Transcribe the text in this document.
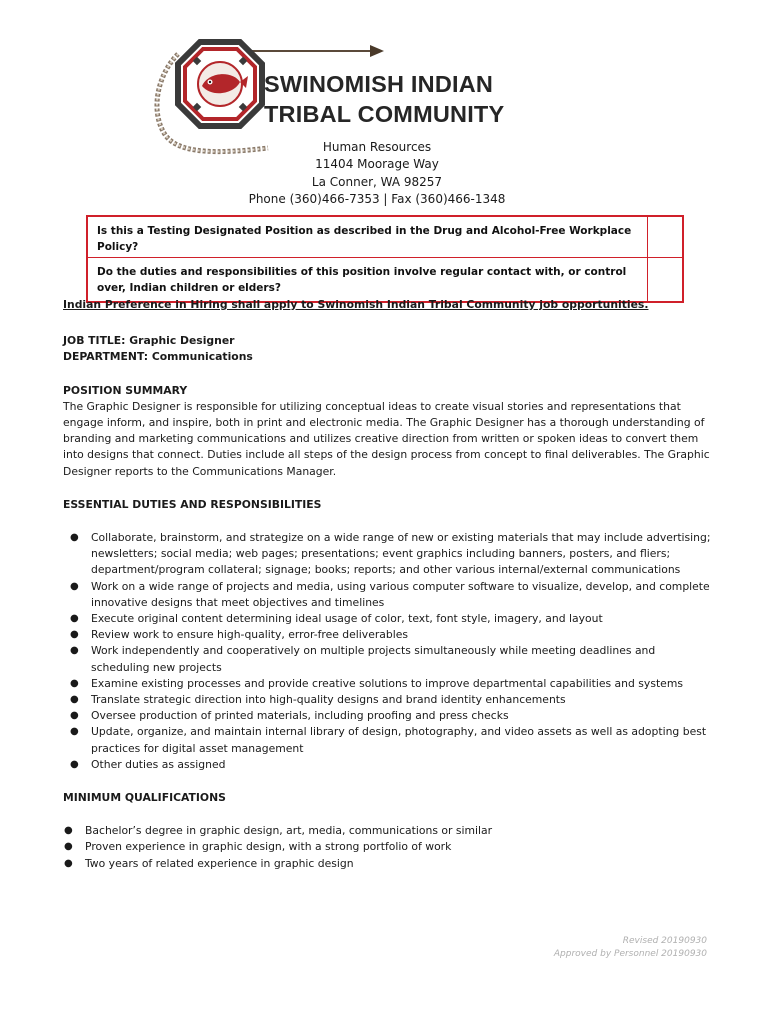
SWINOMISH INDIAN
TRIBAL COMMUNITY
Human Resources
11404 Moorage Way
La Conner, WA 98257
Phone (360)466-7353 | Fax (360)466-1348
Is this a Testing Designated Position as described in the Drug and Alcohol-Free Workplace Policy?	
Do the duties and responsibilities of this position involve regular contact with, or control over, Indian children or elders?	

Indian Preference in Hiring shall apply to Swinomish Indian Tribal Community job opportunities.

JOB TITLE: Graphic Designer
DEPARTMENT: Communications
POSITION SUMMARY

The Graphic Designer is responsible for utilizing conceptual ideas to create visual stories and representations that engage inform, and inspire, both in print and electronic media. The Graphic Designer has a thorough understanding of branding and marketing communications and utilizes creative direction from written or spoken ideas to convert them into designs that connect. Duties include all steps of the design process from concept to final deliverables. The Graphic Designer reports to the Communications Manager.

ESSENTIAL DUTIES AND RESPONSIBILITIES
● Collaborate, brainstorm, and strategize on a wide range of new or existing materials that may include advertising; newsletters; social media; web pages; presentations; event graphics including banners, posters, and fliers; department/program collateral; signage; books; reports; and other various internal/external communications
● Work on a wide range of projects and media, using various computer software to visualize, develop, and complete innovative designs that meet objectives and timelines
● Execute original content determining ideal usage of color, text, font style, imagery, and layout
● Review work to ensure high-quality, error-free deliverables
● Work independently and cooperatively on multiple projects simultaneously while meeting deadlines and scheduling new projects
● Examine existing processes and provide creative solutions to improve departmental capabilities and systems
● Translate strategic direction into high-quality designs and brand identity enhancements
● Oversee production of printed materials, including proofing and press checks
● Update, organize, and maintain internal library of design, photography, and video assets as well as adopting best practices for digital asset management
● Other duties as assigned
MINIMUM QUALIFICATIONS
● Bachelor’s degree in graphic design, art, media, communications or similar
● Proven experience in graphic design, with a strong portfolio of work
● Two years of related experience in graphic design
Revised 20190930
Approved by Personnel 20190930
